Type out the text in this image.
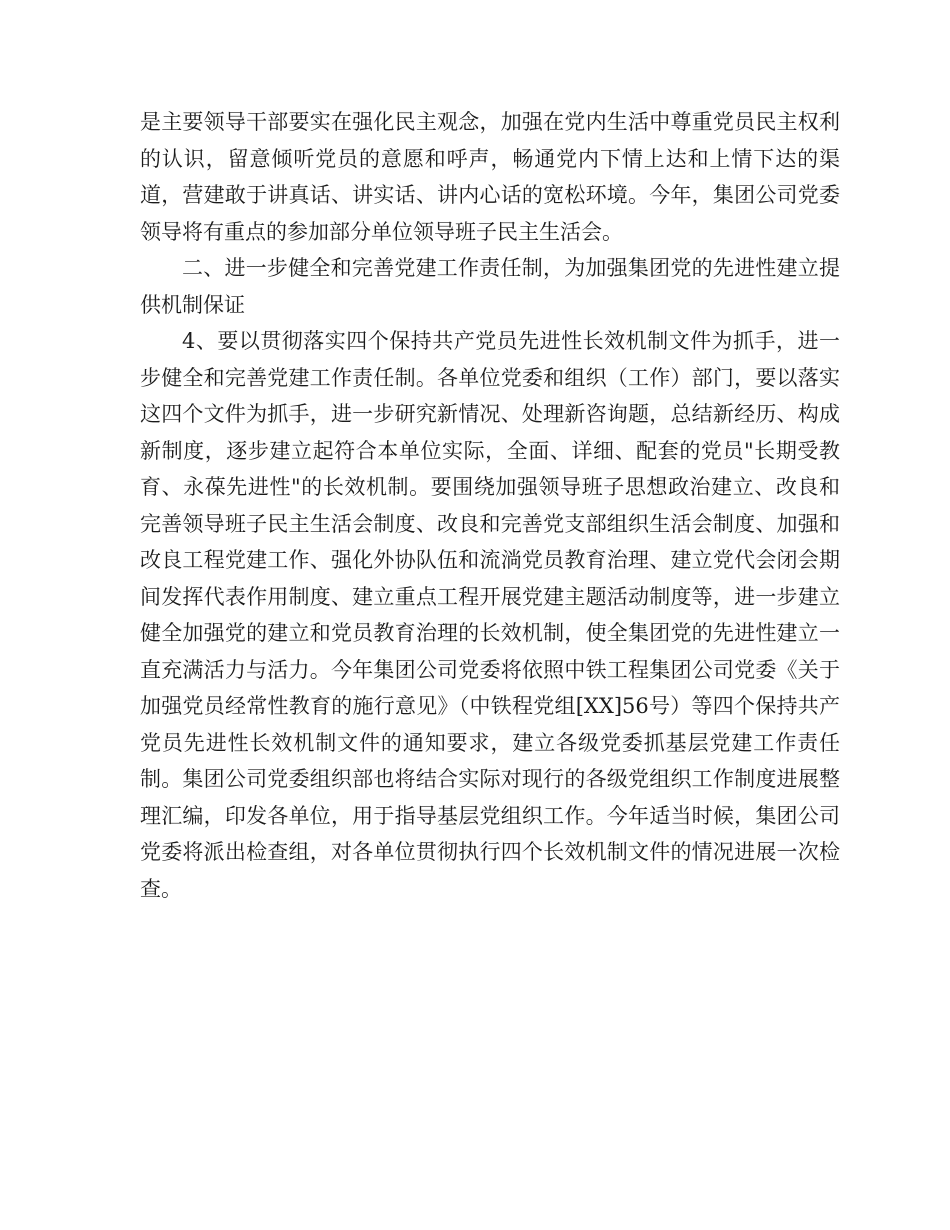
是主要领导干部要实在强化民主观念，加强在党内生活中尊重党员民主权利的认识，留意倾听党员的意愿和呼声，畅通党内下情上达和上情下达的渠道，营建敢于讲真话、讲实话、讲内心话的宽松环境。今年，集团公司党委领导将有重点的参加部分单位领导班子民主生活会。

二、进一步健全和完善党建工作责任制，为加强集团党的先进性建立提供机制保证

4、要以贯彻落实四个保持共产党员先进性长效机制文件为抓手，进一步健全和完善党建工作责任制。各单位党委和组织（工作）部门，要以落实这四个文件为抓手，进一步研究新情况、处理新咨询题，总结新经历、构成新制度，逐步建立起符合本单位实际，全面、详细、配套的党员"长期受教育、永葆先进性"的长效机制。要围绕加强领导班子思想政治建立、改良和完善领导班子民主生活会制度、改良和完善党支部组织生活会制度、加强和改良工程党建工作、强化外协队伍和流淌党员教育治理、建立党代会闭会期间发挥代表作用制度、建立重点工程开展党建主题活动制度等，进一步建立健全加强党的建立和党员教育治理的长效机制，使全集团党的先进性建立一直充满活力与活力。今年集团公司党委将依照中铁工程集团公司党委《关于加强党员经常性教育的施行意见》（中铁程党组[XX]56号）等四个保持共产党员先进性长效机制文件的通知要求，建立各级党委抓基层党建工作责任制。集团公司党委组织部也将结合实际对现行的各级党组织工作制度进展整理汇编，印发各单位，用于指导基层党组织工作。今年适当时候，集团公司党委将派出检查组，对各单位贯彻执行四个长效机制文件的情况进展一次检查。
